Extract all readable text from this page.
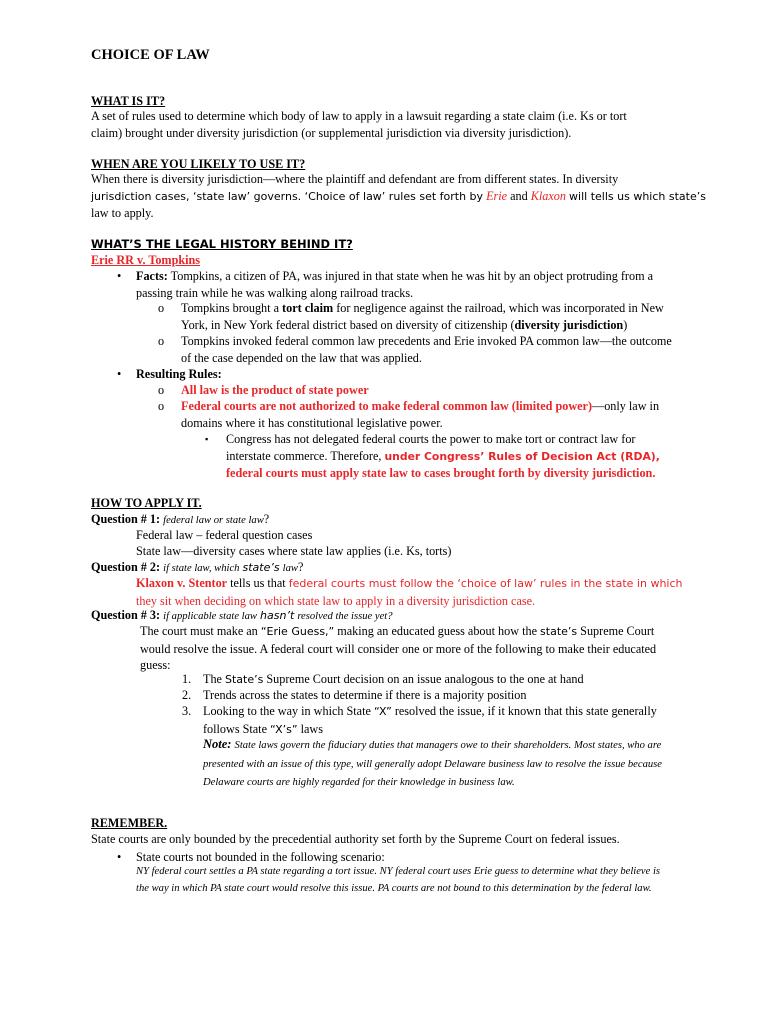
CHOICE OF LAW
WHAT IS IT?
A set of rules used to determine which body of law to apply in a lawsuit regarding a state claim (i.e. Ks or tort claim) brought under diversity jurisdiction (or supplemental jurisdiction via diversity jurisdiction).
WHEN ARE YOU LIKELY TO USE IT?
When there is diversity jurisdiction—where the plaintiff and defendant are from different states. In diversity
jurisdiction cases, ‘state law’ governs. ‘Choice of law’ rules set forth by Erie and Klaxon will tells us which state’s
law to apply.
WHAT’S THE LEGAL HISTORY BEHIND IT?
Erie RR v. Tompkins
• Facts: Tompkins, a citizen of PA, was injured in that state when he was hit by an object protruding from a passing train while he was walking along railroad tracks.
o Tompkins brought a tort claim for negligence against the railroad, which was incorporated in New York, in New York federal district based on diversity of citizenship (diversity jurisdiction)
o Tompkins invoked federal common law precedents and Erie invoked PA common law—the outcome of the case depended on the law that was applied.
• Resulting Rules:
o All law is the product of state power
o Federal courts are not authorized to make federal common law (limited power)—only law in domains where it has constitutional legislative power.
▪ Congress has not delegated federal courts the power to make tort or contract law for interstate commerce. Therefore, under Congress’ Rules of Decision Act (RDA), federal courts must apply state law to cases brought forth by diversity jurisdiction.
HOW TO APPLY IT.
Question # 1: federal law or state law?
Federal law – federal question cases
State law—diversity cases where state law applies (i.e. Ks, torts)
Question # 2: if state law, which state’s law?
Klaxon v. Stentor tells us that federal courts must follow the ‘choice of law’ rules in the state in which
they sit when deciding on which state law to apply in a diversity jurisdiction case.
Question # 3: if applicable state law hasn’t resolved the issue yet?
The court must make an “Erie Guess,” making an educated guess about how the state’s Supreme Court would resolve the issue. A federal court will consider one or more of the following to make their educated guess:
1. The State’s Supreme Court decision on an issue analogous to the one at hand
2. Trends across the states to determine if there is a majority position
3. Looking to the way in which State “X” resolved the issue, if it known that this state generally follows State “X’s” laws
Note: State laws govern the fiduciary duties that managers owe to their shareholders. Most states, who are presented with an issue of this type, will generally adopt Delaware business law to resolve the issue because Delaware courts are highly regarded for their knowledge in business law.
REMEMBER.
State courts are only bounded by the precedential authority set forth by the Supreme Court on federal issues.
• State courts not bounded in the following scenario:
NY federal court settles a PA state regarding a tort issue. NY federal court uses Erie guess to determine what they believe is the way in which PA state court would resolve this issue. PA courts are not bound to this determination by the federal law.
